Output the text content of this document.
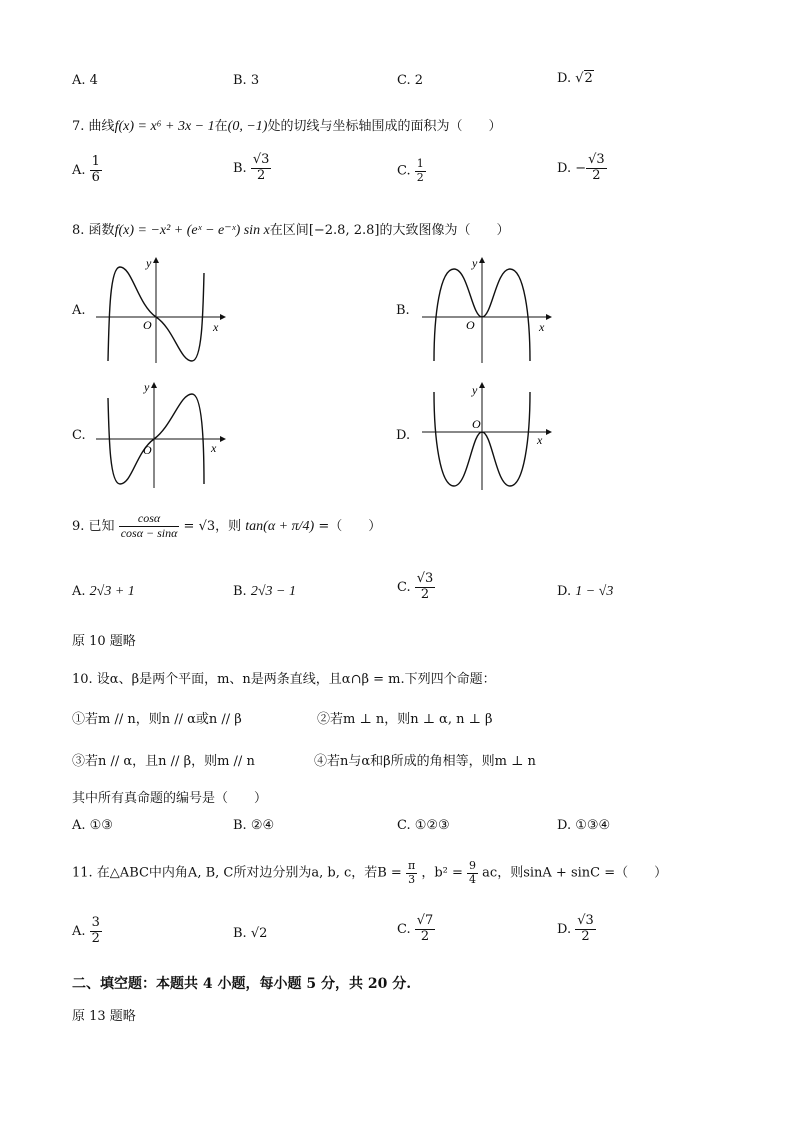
A. 4	B. 3	C. 2	D. √2
7. 曲线f(x) = x⁶ + 3x − 1在(0, −1)处的切线与坐标轴围成的面积为（　　）
A. $\frac{1}{6}$	B. $\frac{√3}{2}$	C. $\frac{1}{2}$	D. − $\frac{√3}{2}$
8. 函数f(x) = −x² + (eˣ − e⁻ˣ) sin x在区间[−2.8, 2.8]的大致图像为（　　）
A.	B.
C.	D.
y
x
O
y
x
O
y
x
O
y
x
O
9. 已知 $\frac{\cos\alpha}{\cos\alpha - \sin\alpha} = √3$，则 tan(α + π/4) =（　　）
A. 2√3 + 1	B. 2√3 − 1	C. $\frac{√3}{2}$	D. 1 − √3
原 10 题略
10. 设α、β是两个平面，m、n是两条直线，且α∩β = m.下列四个命题：
①若m // n，则n // α或n // β	②若m ⊥ n，则n ⊥ α, n ⊥ β
③若n // α，且n // β，则m // n	④若n与α和β所成的角相等，则m ⊥ n
其中所有真命题的编号是（　　）
A. ①③	B. ②④	C. ①②③	D. ①③④
11. 在△ABC中内角A, B, C所对边分别为a, b, c，若$B = \frac{\pi}{3}$ ，$b^2 = \frac{9}{4}$ ac，则sinA + sinC =（　　）
A. $\frac{3}{2}$	B. √2	C. $\frac{√7}{2}$	D. $\frac{√3}{2}$
二、填空题：本题共 4 小题，每小题 5 分，共 20 分.
原 13 题略
